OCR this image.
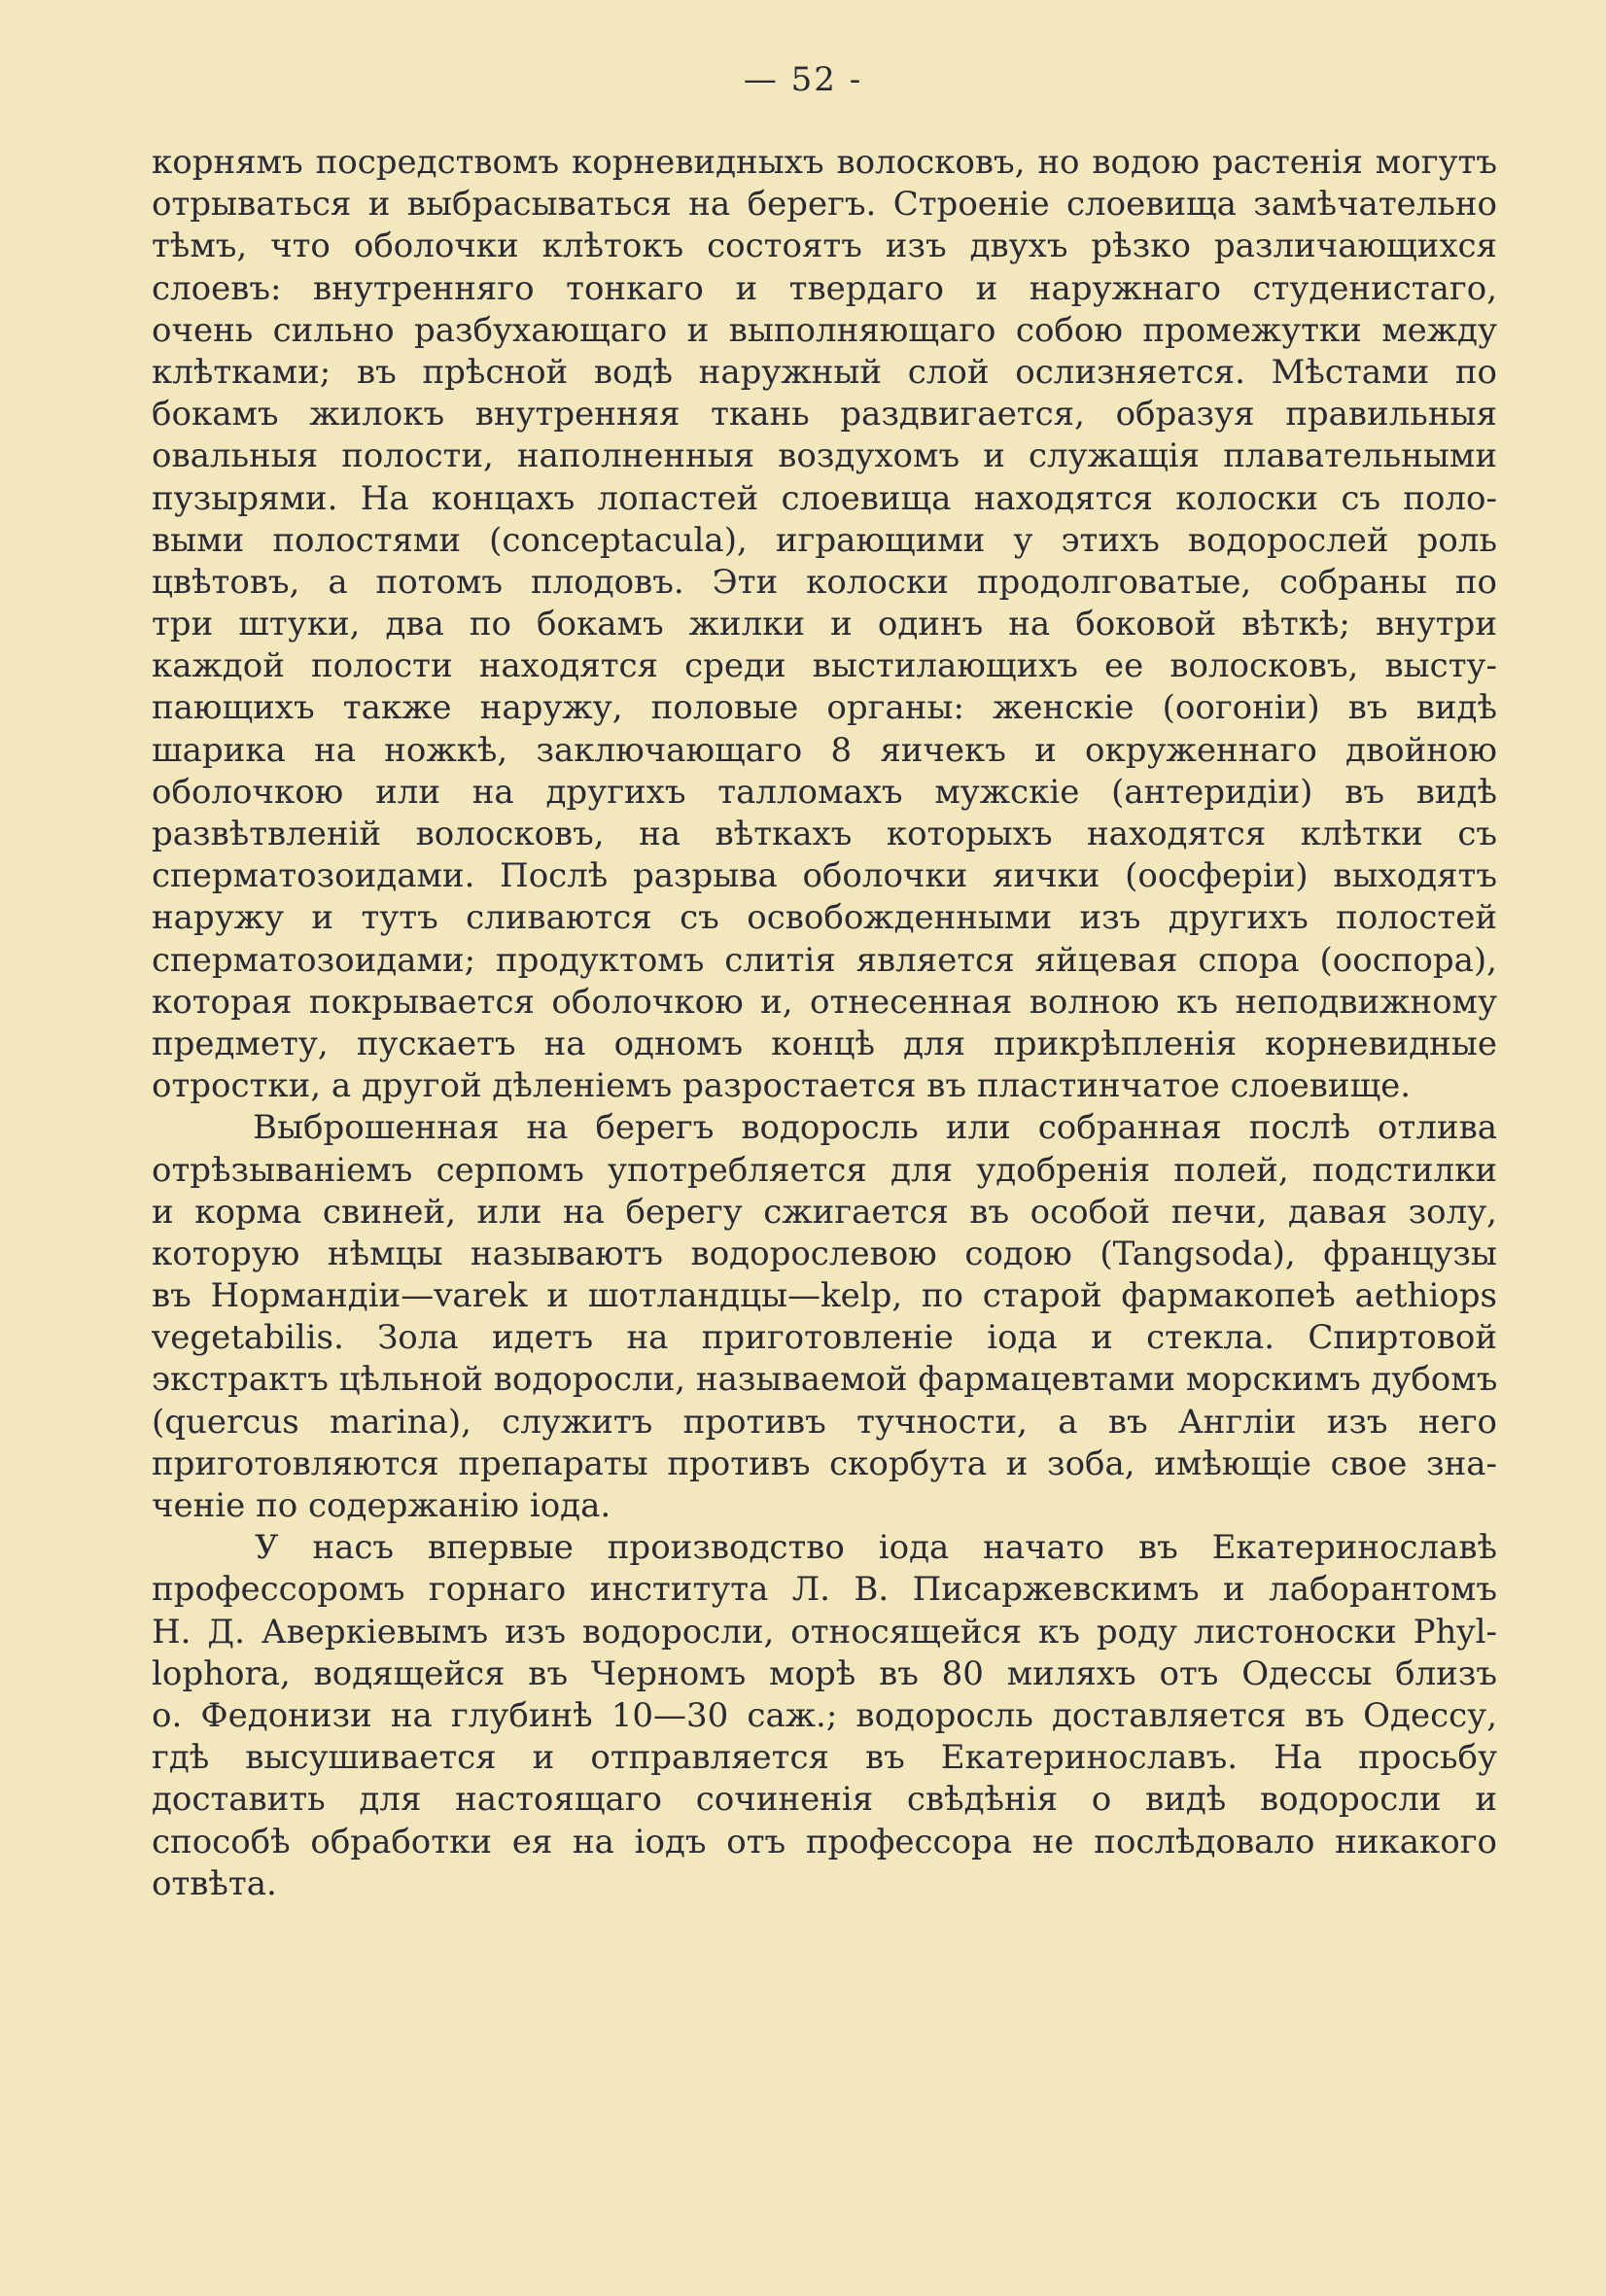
— 52 -
корнямъ посредствомъ корневидныхъ волосковъ, но водою растенія могутъ
отрываться и выбрасываться на берегъ. Строеніе слоевища замѣчательно
тѣмъ, что оболочки клѣтокъ состоятъ изъ двухъ рѣзко различающихся
слоевъ: внутренняго тонкаго и твердаго и наружнаго студенистаго,
очень сильно разбухающаго и выполняющаго собою промежутки между
клѣтками; въ прѣсной водѣ наружный слой ослизняется. Мѣстами по
бокамъ жилокъ внутренняя ткань раздвигается, образуя правильныя
овальныя полости, наполненныя воздухомъ и служащія плавательными
пузырями. На концахъ лопастей слоевища находятся колоски съ поло-
выми полостями (conceptacula), играющими у этихъ водорослей роль
цвѣтовъ, а потомъ плодовъ. Эти колоски продолговатые, собраны по
три штуки, два по бокамъ жилки и одинъ на боковой вѣткѣ; внутри
каждой полости находятся среди выстилающихъ ее волосковъ, высту-
пающихъ также наружу, половые органы: женскіе (оогоніи) въ видѣ
шарика на ножкѣ, заключающаго 8 яичекъ и окруженнаго двойною
оболочкою или на другихъ талломахъ мужскіе (антеридіи) въ видѣ
развѣтвленій волосковъ, на вѣткахъ которыхъ находятся клѣтки съ
сперматозоидами. Послѣ разрыва оболочки яички (оосферіи) выходятъ
наружу и тутъ сливаются съ освобожденными изъ другихъ полостей
сперматозоидами; продуктомъ слитія является яйцевая спора (ооспора),
которая покрывается оболочкою и, отнесенная волною къ неподвижному
предмету, пускаетъ на одномъ концѣ для прикрѣпленія корневидные
отростки, а другой дѣленіемъ разростается въ пластинчатое слоевище.
Выброшенная на берегъ водоросль или собранная послѣ отлива
отрѣзываніемъ серпомъ употребляется для удобренія полей, подстилки
и корма свиней, или на берегу сжигается въ особой печи, давая золу,
которую нѣмцы называютъ водорослевою содою (Tangsoda), французы
въ Нормандіи—varek и шотландцы—kelp, по старой фармакопеѣ aethiops
vegetabilis. Зола идетъ на приготовленіе іода и стекла. Спиртовой
экстрактъ цѣльной водоросли, называемой фармацевтами морскимъ дубомъ
(quercus marina), служитъ противъ тучности, а въ Англіи изъ него
приготовляются препараты противъ скорбута и зоба, имѣющіе свое зна-
ченіе по содержанію іода.
У насъ впервые производство іода начато въ Екатеринославѣ
профессоромъ горнаго института Л. В. Писаржевскимъ и лаборантомъ
Н. Д. Аверкіевымъ изъ водоросли, относящейся къ роду листоноски Phyl-
lophora, водящейся въ Черномъ морѣ въ 80 миляхъ отъ Одессы близъ
о. Федонизи на глубинѣ 10—30 саж.; водоросль доставляется въ Одессу,
гдѣ высушивается и отправляется въ Екатеринославъ. На просьбу
доставить для настоящаго сочиненія свѣдѣнія о видѣ водоросли и
способѣ обработки ея на іодъ отъ профессора не послѣдовало никакого
отвѣта.
